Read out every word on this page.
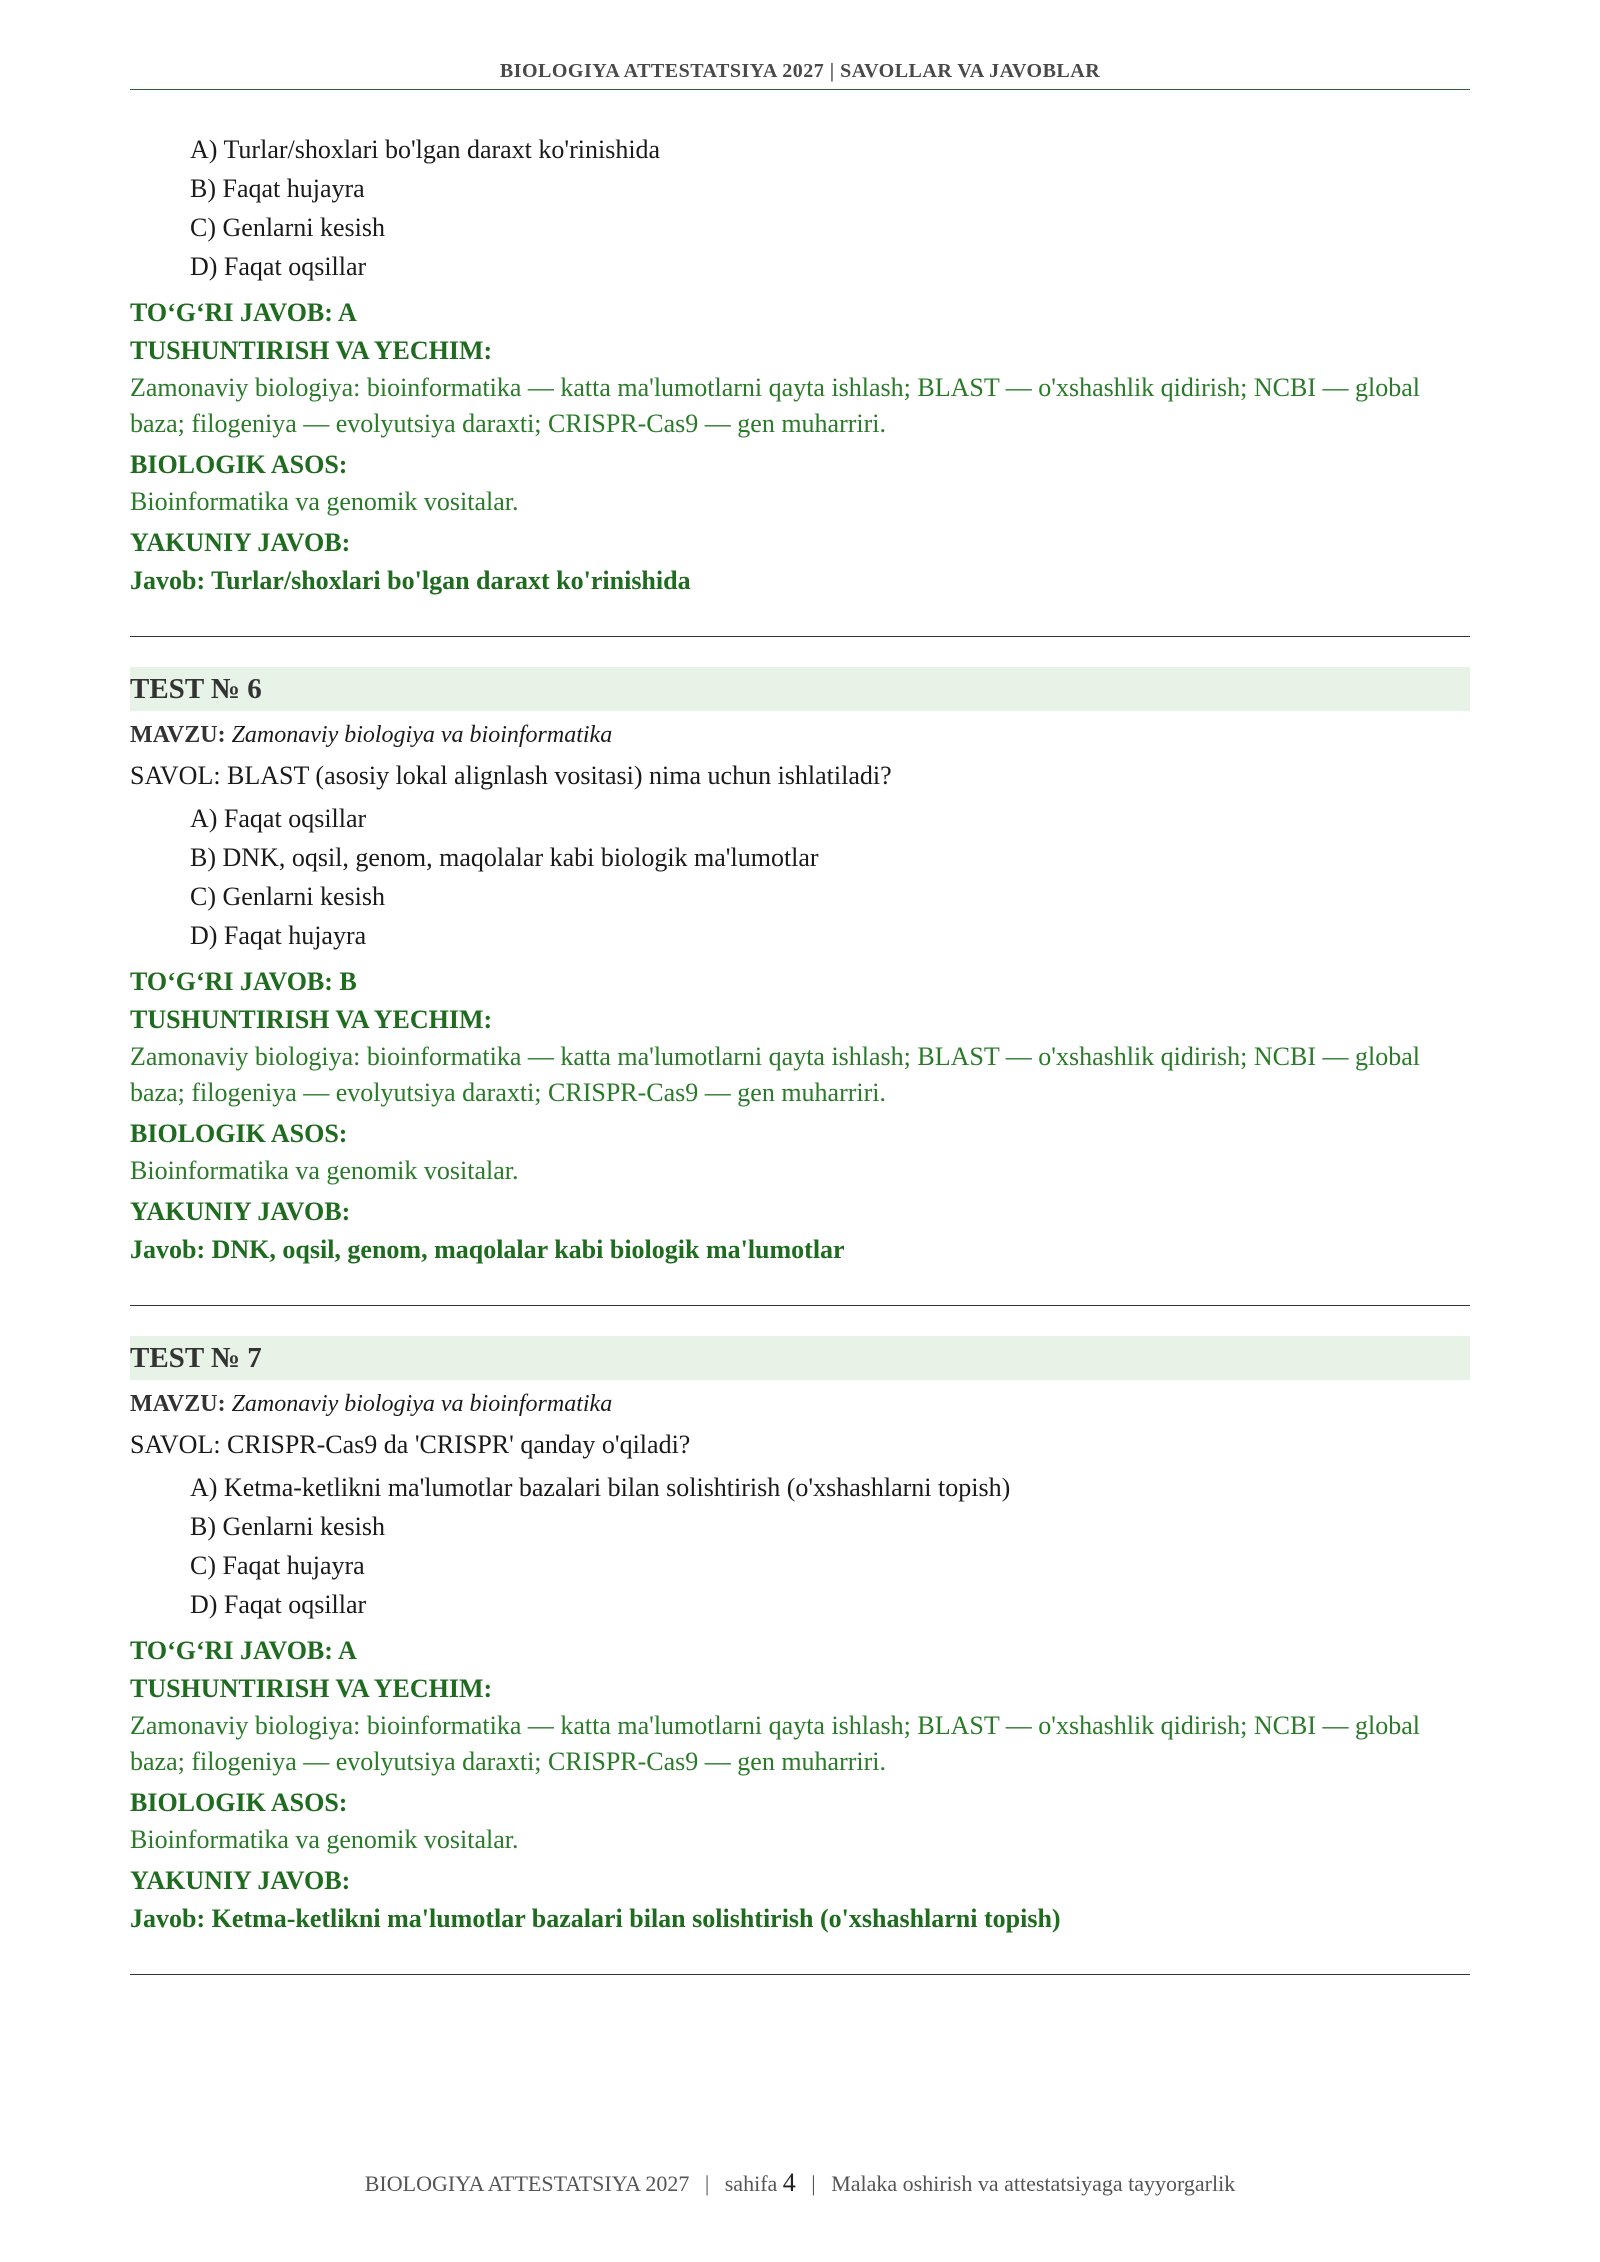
BIOLOGIYA ATTESTATSIYA 2027 | SAVOLLAR VA JAVOBLAR
A) Turlar/shoxlari bo'lgan daraxt ko'rinishida
B) Faqat hujayra
C) Genlarni kesish
D) Faqat oqsillar
TO‘G‘RI JAVOB: A
TUSHUNTIRISH VA YECHIM:
Zamonaviy biologiya: bioinformatika — katta ma'lumotlarni qayta ishlash; BLAST — o'xshashlik qidirish; NCBI — global baza; filogeniya — evolyutsiya daraxti; CRISPR-Cas9 — gen muharriri.
BIOLOGIK ASOS:
Bioinformatika va genomik vositalar.
YAKUNIY JAVOB:
Javob: Turlar/shoxlari bo'lgan daraxt ko'rinishida
TEST № 6
MAVZU: Zamonaviy biologiya va bioinformatika
SAVOL: BLAST (asosiy lokal alignlash vositasi) nima uchun ishlatiladi?
A) Faqat oqsillar
B) DNK, oqsil, genom, maqolalar kabi biologik ma'lumotlar
C) Genlarni kesish
D) Faqat hujayra
TO‘G‘RI JAVOB: B
TUSHUNTIRISH VA YECHIM:
Zamonaviy biologiya: bioinformatika — katta ma'lumotlarni qayta ishlash; BLAST — o'xshashlik qidirish; NCBI — global baza; filogeniya — evolyutsiya daraxti; CRISPR-Cas9 — gen muharriri.
BIOLOGIK ASOS:
Bioinformatika va genomik vositalar.
YAKUNIY JAVOB:
Javob: DNK, oqsil, genom, maqolalar kabi biologik ma'lumotlar
TEST № 7
MAVZU: Zamonaviy biologiya va bioinformatika
SAVOL: CRISPR-Cas9 da 'CRISPR' qanday o'qiladi?
A) Ketma-ketlikni ma'lumotlar bazalari bilan solishtirish (o'xshashlarni topish)
B) Genlarni kesish
C) Faqat hujayra
D) Faqat oqsillar
TO‘G‘RI JAVOB: A
TUSHUNTIRISH VA YECHIM:
Zamonaviy biologiya: bioinformatika — katta ma'lumotlarni qayta ishlash; BLAST — o'xshashlik qidirish; NCBI — global baza; filogeniya — evolyutsiya daraxti; CRISPR-Cas9 — gen muharriri.
BIOLOGIK ASOS:
Bioinformatika va genomik vositalar.
YAKUNIY JAVOB:
Javob: Ketma-ketlikni ma'lumotlar bazalari bilan solishtirish (o'xshashlarni topish)
BIOLOGIYA ATTESTATSIYA 2027 | sahifa 4 | Malaka oshirish va attestatsiyaga tayyorgarlik
